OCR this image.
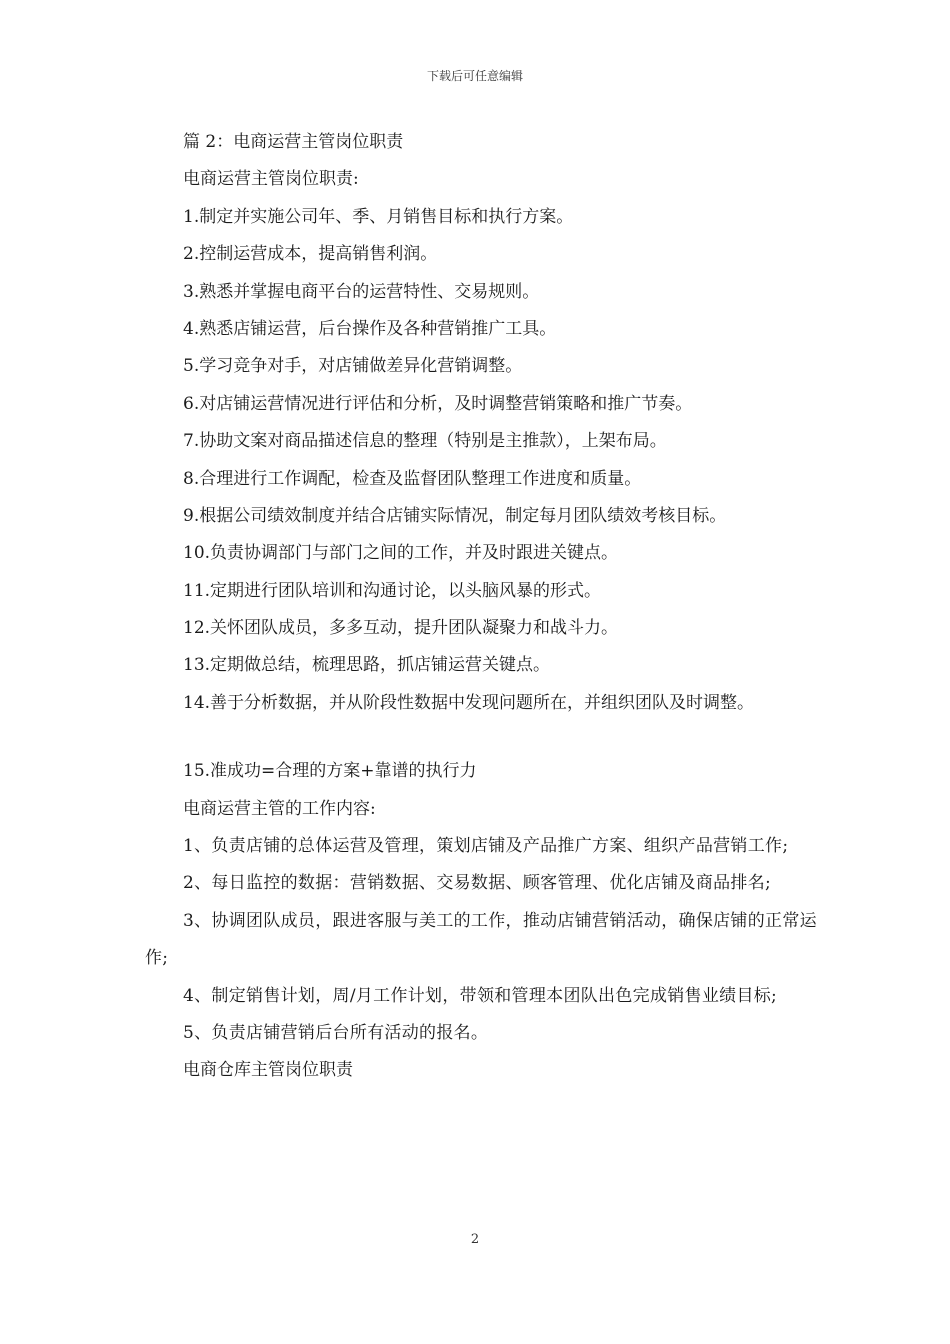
下载后可任意编辑
篇 2：电商运营主管岗位职责
电商运营主管岗位职责:
1.制定并实施公司年、季、月销售目标和执行方案。
2.控制运营成本，提高销售利润。
3.熟悉并掌握电商平台的运营特性、交易规则。
4.熟悉店铺运营，后台操作及各种营销推广工具。
5.学习竞争对手，对店铺做差异化营销调整。
6.对店铺运营情况进行评估和分析，及时调整营销策略和推广节奏。
7.协助文案对商品描述信息的整理（特别是主推款），上架布局。
8.合理进行工作调配，检查及监督团队整理工作进度和质量。
9.根据公司绩效制度并结合店铺实际情况，制定每月团队绩效考核目标。
10.负责协调部门与部门之间的工作，并及时跟进关键点。
11.定期进行团队培训和沟通讨论，以头脑风暴的形式。
12.关怀团队成员，多多互动，提升团队凝聚力和战斗力。
13.定期做总结，梳理思路，抓店铺运营关键点。
14.善于分析数据，并从阶段性数据中发现问题所在，并组织团队及时调整。
15.准成功=合理的方案+靠谱的执行力
电商运营主管的工作内容:

1、负责店铺的总体运营及管理，策划店铺及产品推广方案、组织产品营销工作;

2、每日监控的数据：营销数据、交易数据、顾客管理、优化店铺及商品排名;

3、协调团队成员，跟进客服与美工的工作，推动店铺营销活动，确保店铺的正常运作;

4、制定销售计划，周/月工作计划，带领和管理本团队出色完成销售业绩目标;

5、负责店铺营销后台所有活动的报名。

电商仓库主管岗位职责
2
